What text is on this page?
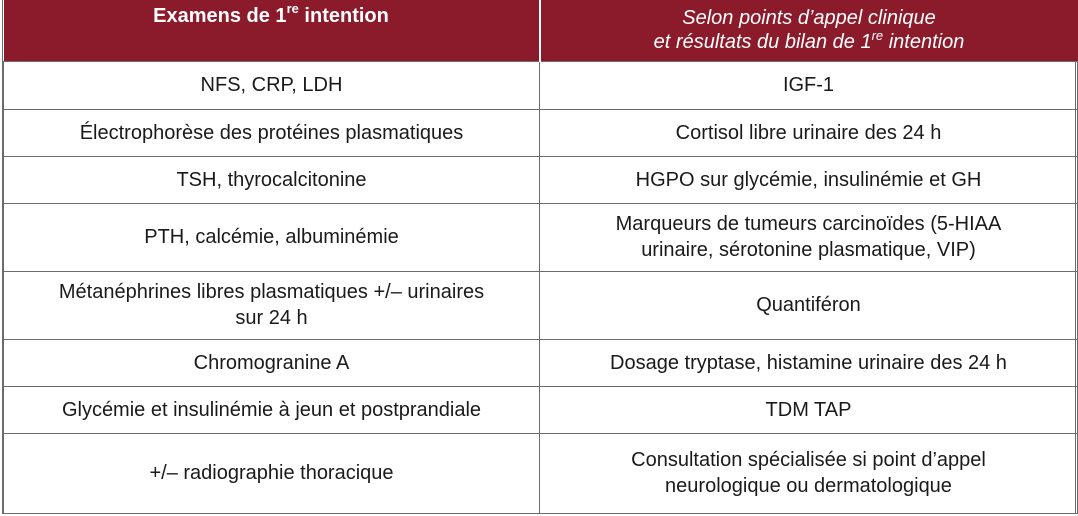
Examens de 1re intention	Selon points d’appel clinique
et résultats du bilan de 1re intention

NFS, CRP, LDH	IGF-1

Électrophorèse des protéines plasmatiques	Cortisol libre urinaire des 24 h

TSH, thyrocalcitonine	HGPO sur glycémie, insulinémie et GH

PTH, calcémie, albuminémie	Marqueurs de tumeurs carcinoïdes (5-HIAA
urinaire, sérotonine plasmatique, VIP)

Métanéphrines libres plasmatiques +/– urinaires
sur 24 h	Quantiféron

Chromogranine A	Dosage tryptase, histamine urinaire des 24 h

Glycémie et insulinémie à jeun et postprandiale	TDM TAP

+/– radiographie thoracique	Consultation spécialisée si point d’appel
neurologique ou dermatologique
